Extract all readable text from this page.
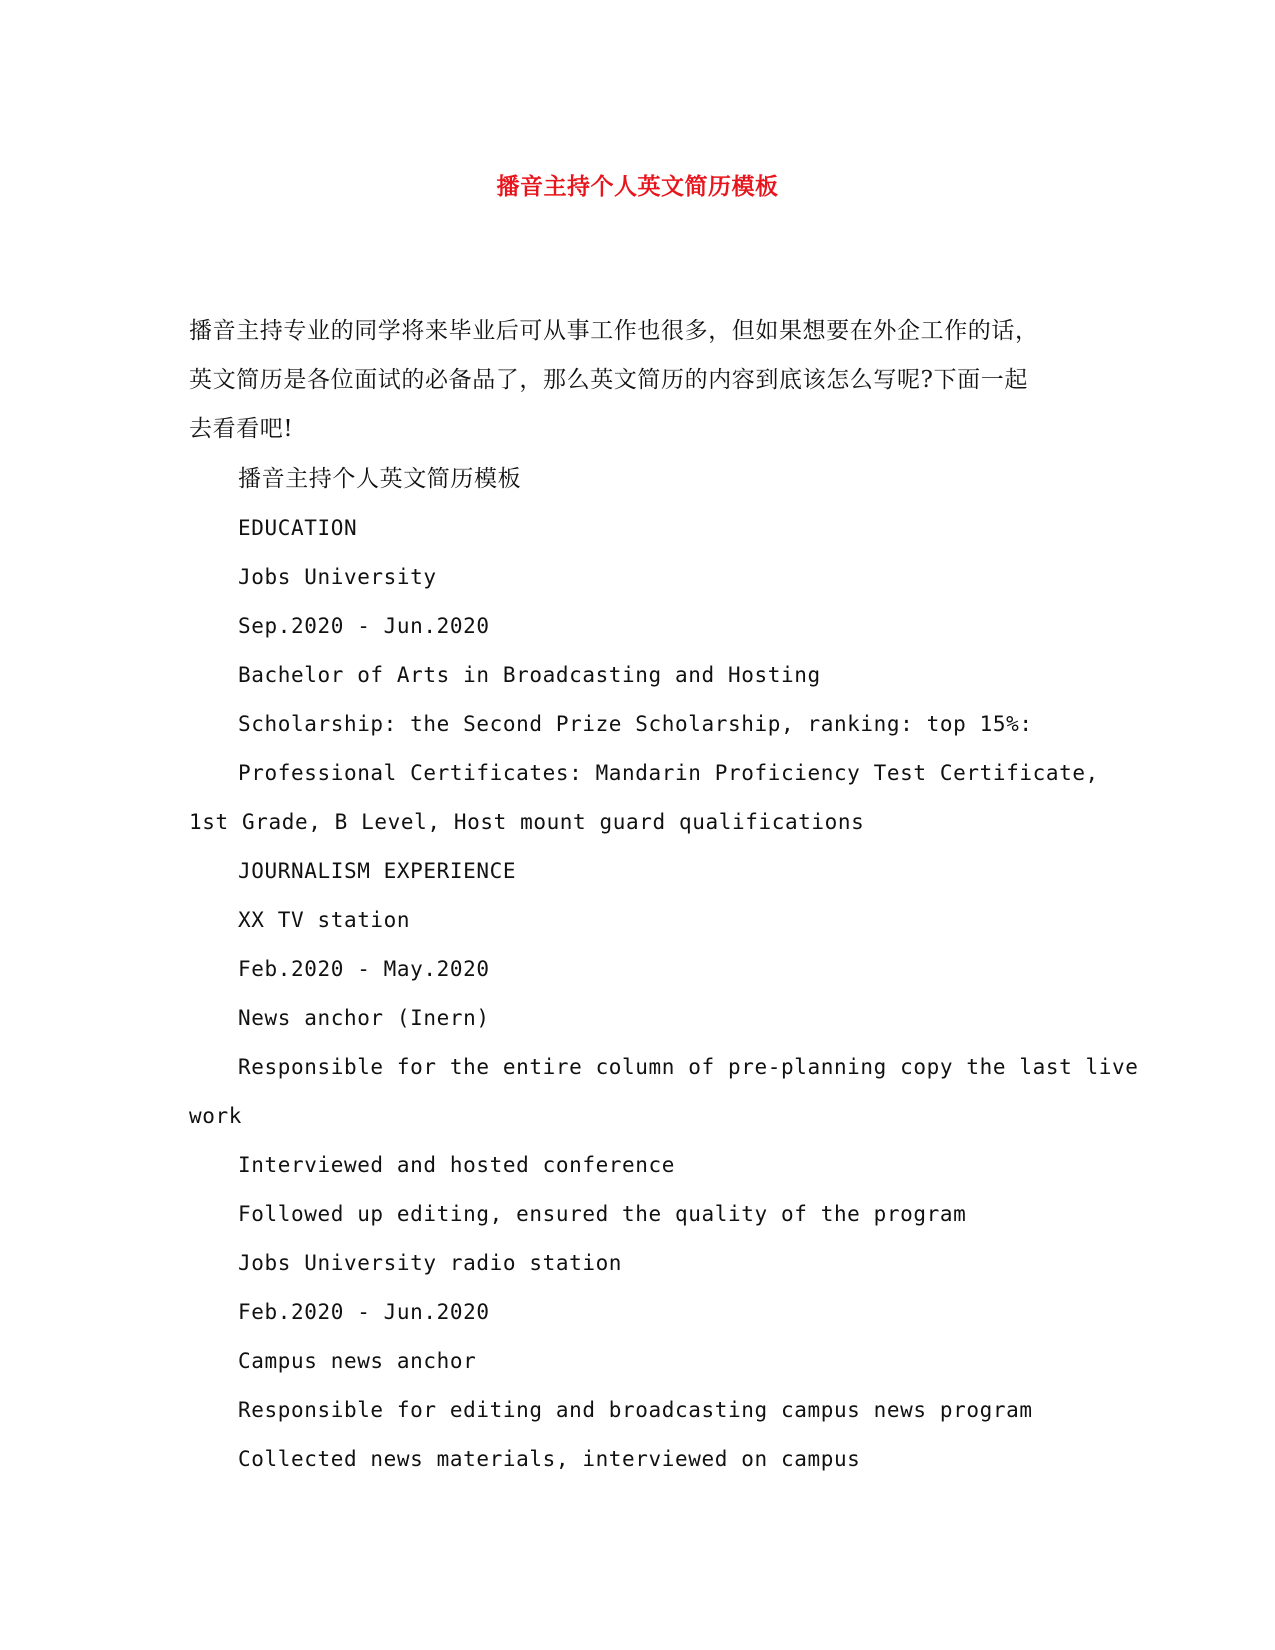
播音主持个人英文简历模板
播音主持专业的同学将来毕业后可从事工作也很多，但如果想要在外企工作的话，
英文简历是各位面试的必备品了，那么英文简历的内容到底该怎么写呢?下面一起
去看看吧!
播音主持个人英文简历模板
EDUCATION
Jobs University
Sep.2020 - Jun.2020
Bachelor of Arts in Broadcasting and Hosting
Scholarship: the Second Prize Scholarship, ranking: top 15%:
Professional Certificates: Mandarin Proficiency Test Certificate,
1st Grade, B Level, Host mount guard qualifications
JOURNALISM EXPERIENCE
XX TV station
Feb.2020 - May.2020
News anchor (Inern)
Responsible for the entire column of pre-planning copy the last live
work
Interviewed and hosted conference
Followed up editing, ensured the quality of the program
Jobs University radio station
Feb.2020 - Jun.2020
Campus news anchor
Responsible for editing and broadcasting campus news program
Collected news materials, interviewed on campus
